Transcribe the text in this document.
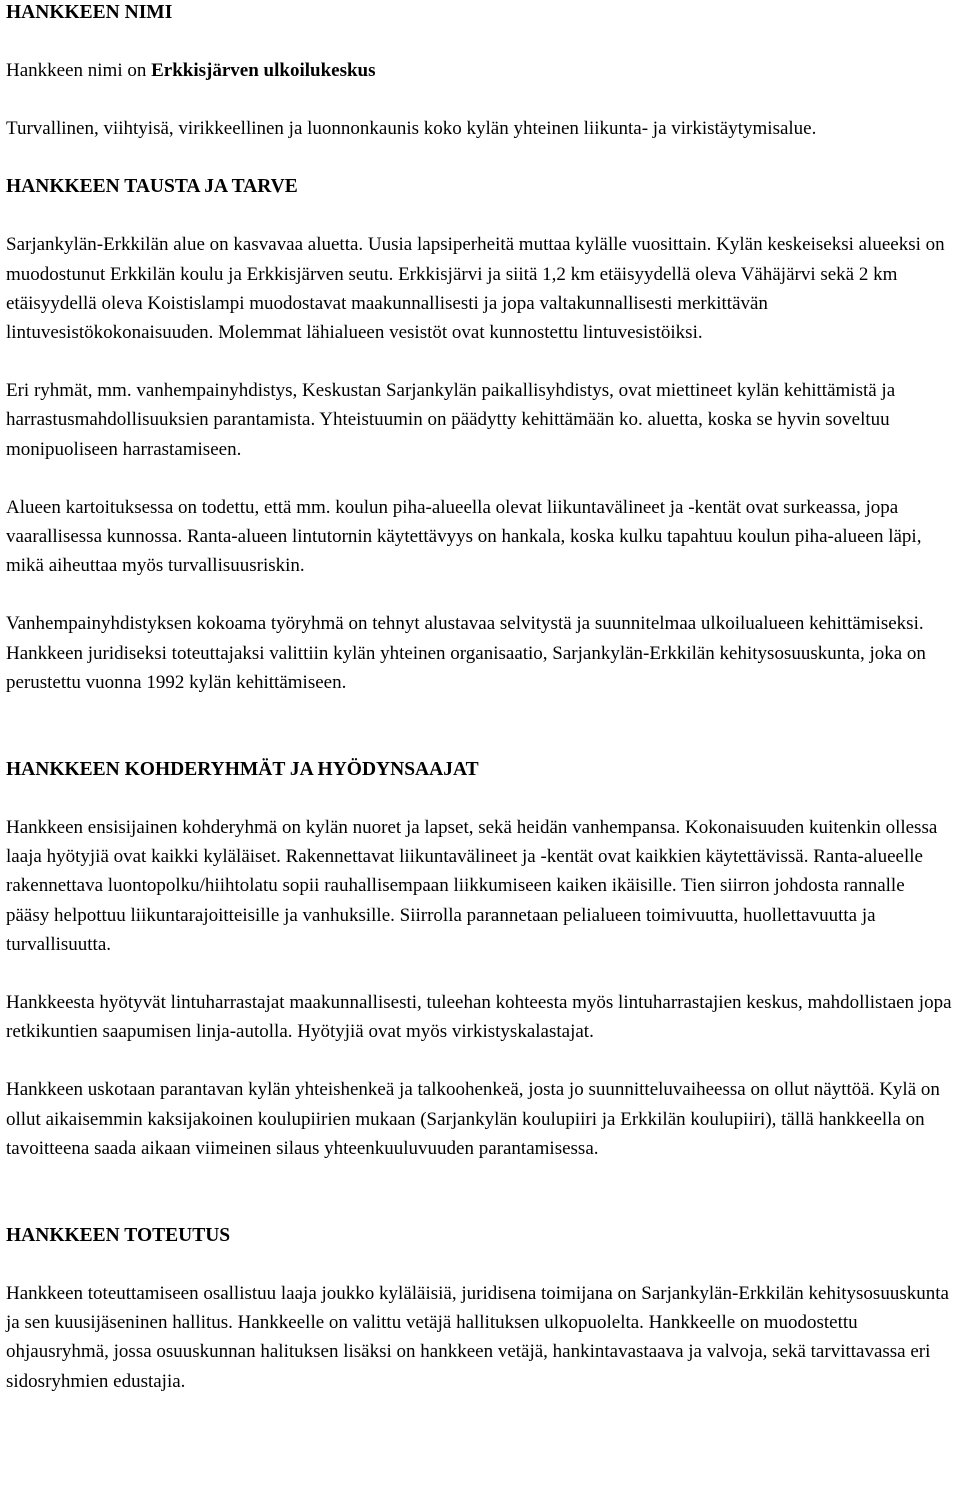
HANKKEEN NIMI

Hankkeen nimi on Erkkisjärven ulkoilukeskus

Turvallinen, viihtyisä, virikkeellinen ja luonnonkaunis koko kylän yhteinen liikunta- ja virkistäytymisalue.

HANKKEEN TAUSTA JA TARVE

Sarjankylän-Erkkilän alue on kasvavaa aluetta. Uusia lapsiperheitä muttaa kylälle vuosittain. Kylän keskeiseksi alueeksi on muodostunut Erkkilän koulu ja Erkkisjärven seutu. Erkkisjärvi ja siitä 1,2 km etäisyydellä oleva Vähäjärvi sekä 2 km etäisyydellä oleva Koistislampi muodostavat maakunnallisesti ja jopa valtakunnallisesti merkittävän lintuvesistökokonaisuuden. Molemmat lähialueen vesistöt ovat kunnostettu lintuvesistöiksi.

Eri ryhmät, mm. vanhempainyhdistys, Keskustan Sarjankylän paikallisyhdistys, ovat miettineet kylän kehittämistä ja harrastusmahdollisuuksien parantamista. Yhteistuumin on päädytty kehittämään ko. aluetta, koska se hyvin soveltuu monipuoliseen harrastamiseen.

Alueen kartoituksessa on todettu, että mm. koulun piha-alueella olevat liikuntavälineet ja -kentät ovat surkeassa, jopa vaarallisessa kunnossa. Ranta-alueen lintutornin käytettävyys on hankala, koska kulku tapahtuu koulun piha-alueen läpi, mikä aiheuttaa myös turvallisuusriskin.

Vanhempainyhdistyksen kokoama työryhmä on tehnyt alustavaa selvitystä ja suunnitelmaa ulkoilualueen kehittämiseksi. Hankkeen juridiseksi toteuttajaksi valittiin kylän yhteinen organisaatio, Sarjankylän-Erkkilän kehitysosuuskunta, joka on perustettu vuonna 1992 kylän kehittämiseen.

HANKKEEN KOHDERYHMÄT JA HYÖDYNSAAJAT

Hankkeen ensisijainen kohderyhmä on kylän nuoret ja lapset, sekä heidän vanhempansa. Kokonaisuuden kuitenkin ollessa laaja hyötyjiä ovat kaikki kyläläiset. Rakennettavat liikuntavälineet ja -kentät ovat kaikkien käytettävissä. Ranta-alueelle rakennettava luontopolku/hiihtolatu sopii rauhallisempaan liikkumiseen kaiken ikäisille. Tien siirron johdosta rannalle pääsy helpottuu liikuntarajoitteisille ja vanhuksille. Siirrolla parannetaan pelialueen toimivuutta, huollettavuutta ja turvallisuutta.

Hankkeesta hyötyvät lintuharrastajat maakunnallisesti, tuleehan kohteesta myös lintuharrastajien keskus, mahdollistaen jopa retkikuntien saapumisen linja-autolla. Hyötyjiä ovat myös virkistyskalastajat.

Hankkeen uskotaan parantavan kylän yhteishenkeä ja talkoohenkeä, josta jo suunnitteluvaiheessa on ollut näyttöä. Kylä on ollut aikaisemmin kaksijakoinen koulupiirien mukaan (Sarjankylän koulupiiri ja Erkkilän koulupiiri), tällä hankkeella on tavoitteena saada aikaan viimeinen silaus yhteenkuuluvuuden parantamisessa.

HANKKEEN TOTEUTUS

Hankkeen toteuttamiseen osallistuu laaja joukko kyläläisiä, juridisena toimijana on Sarjankylän-Erkkilän kehitysosuuskunta ja sen kuusijäseninen hallitus. Hankkeelle on valittu vetäjä hallituksen ulkopuolelta. Hankkeelle on muodostettu ohjausryhmä, jossa osuuskunnan halituksen lisäksi on hankkeen vetäjä, hankintavastaava ja valvoja, sekä tarvittavassa eri sidosryhmien edustajia.
